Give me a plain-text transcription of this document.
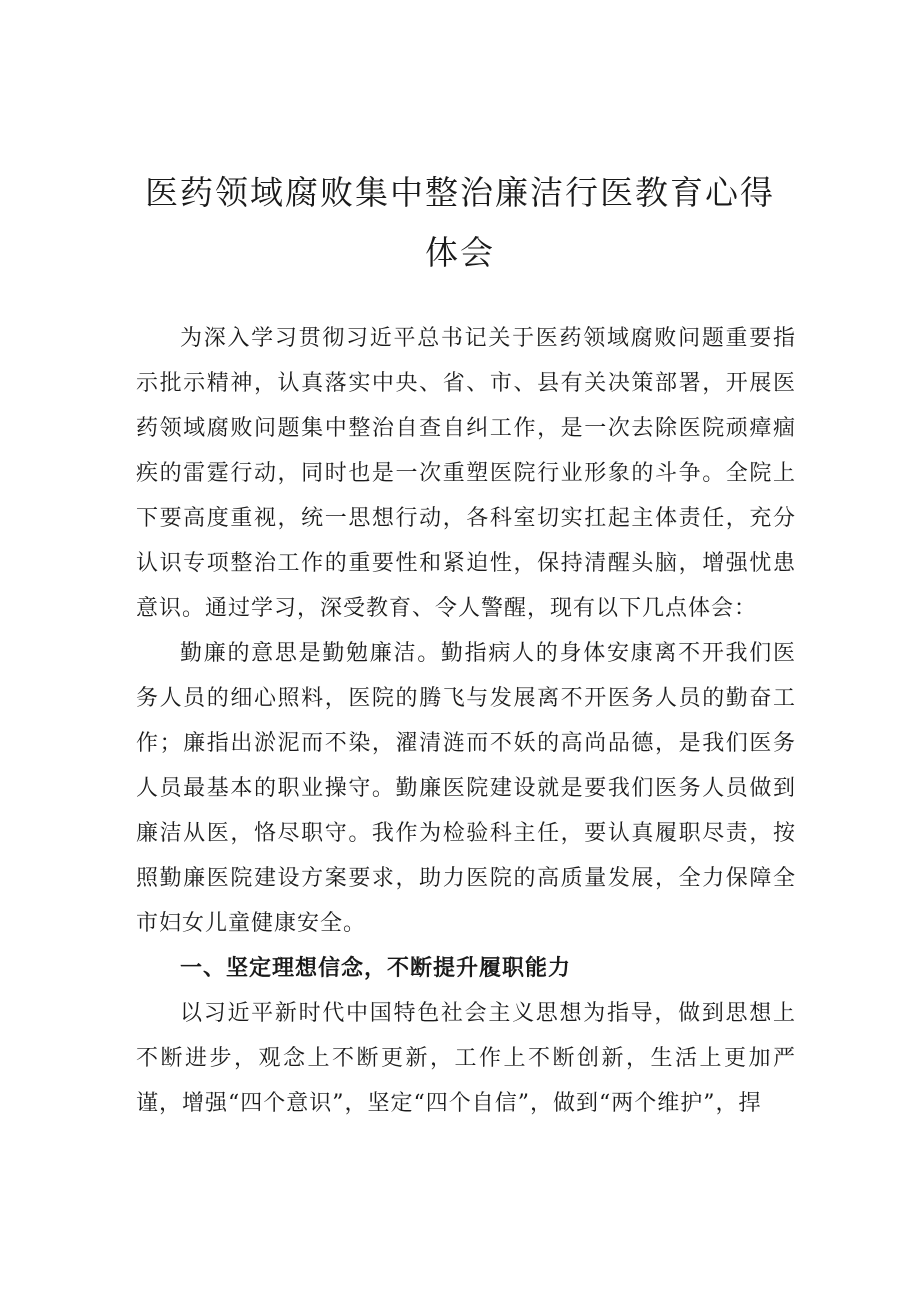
医药领域腐败集中整治廉洁行医教育心得
体会

为深入学习贯彻习近平总书记关于医药领域腐败问题重要指示批示精神，认真落实中央、省、市、县有关决策部署，开展医药领域腐败问题集中整治自查自纠工作，是一次去除医院顽瘴痼疾的雷霆行动，同时也是一次重塑医院行业形象的斗争。全院上下要高度重视，统一思想行动，各科室切实扛起主体责任，充分认识专项整治工作的重要性和紧迫性，保持清醒头脑，增强忧患意识。通过学习，深受教育、令人警醒，现有以下几点体会：

勤廉的意思是勤勉廉洁。勤指病人的身体安康离不开我们医务人员的细心照料，医院的腾飞与发展离不开医务人员的勤奋工作；廉指出淤泥而不染，濯清涟而不妖的高尚品德，是我们医务人员最基本的职业操守。勤廉医院建设就是要我们医务人员做到廉洁从医，恪尽职守。我作为检验科主任，要认真履职尽责，按照勤廉医院建设方案要求，助力医院的高质量发展，全力保障全市妇女儿童健康安全。

一、坚定理想信念，不断提升履职能力

以习近平新时代中国特色社会主义思想为指导，做到思想上不断进步，观念上不断更新，工作上不断创新，生活上更加严谨，增强“四个意识”，坚定“四个自信”，做到“两个维护”，捍
